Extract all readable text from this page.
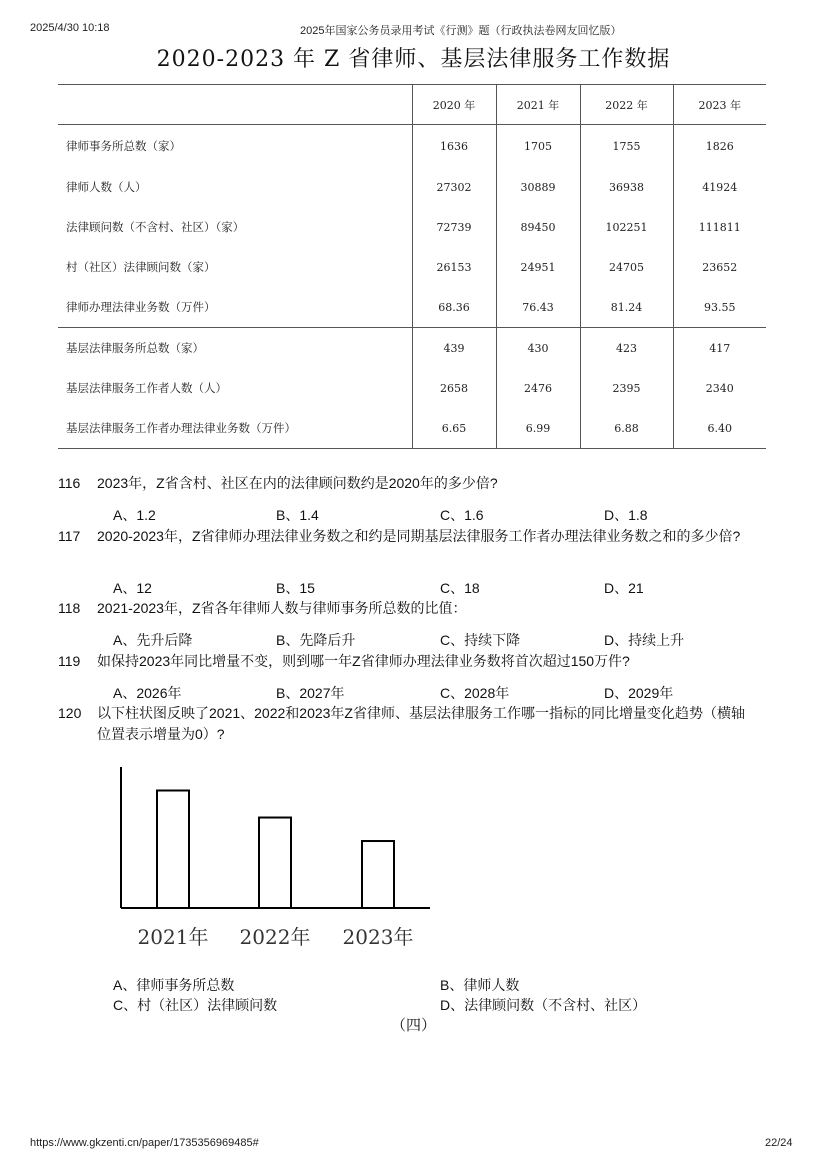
2025/4/30 10:18	2025年国家公务员录用考试《行测》题（行政执法卷网友回忆版）
2020-2023 年 Z 省律师、基层法律服务工作数据
	2020 年	2021 年	2022 年	2023 年
律师事务所总数（家）	1636	1705	1755	1826
律师人数（人）	27302	30889	36938	41924
法律顾问数（不含村、社区）（家）	72739	89450	102251	111811
村（社区）法律顾问数（家）	26153	24951	24705	23652
律师办理法律业务数（万件）	68.36	76.43	81.24	93.55
基层法律服务所总数（家）	439	430	423	417
基层法律服务工作者人数（人）	2658	2476	2395	2340
基层法律服务工作者办理法律业务数（万件）	6.65	6.99	6.88	6.40
116	2023年，Z省含村、社区在内的法律顾问数约是2020年的多少倍?
A、1.2	B、1.4	C、1.6	D、1.8
117	2020-2023年，Z省律师办理法律业务数之和约是同期基层法律服务工作者办理法律业务数之和的多少倍?
A、12	B、15	C、18	D、21
118	2021-2023年，Z省各年律师人数与律师事务所总数的比值：
A、先升后降	B、先降后升	C、持续下降	D、持续上升
119	如保持2023年同比增量不变，则到哪一年Z省律师办理法律业务数将首次超过150万件?
A、2026年	B、2027年	C、2028年	D、2029年
120	以下柱状图反映了2021、2022和2023年Z省律师、基层法律服务工作哪一指标的同比增量变化趋势（横轴位置表示增量为0）?
2021年 2022年 2023年
A、律师事务所总数	B、律师人数
C、村（社区）法律顾问数	D、法律顾问数（不含村、社区）
（四）
https://www.gkzenti.cn/paper/1735356969485#	22/24
